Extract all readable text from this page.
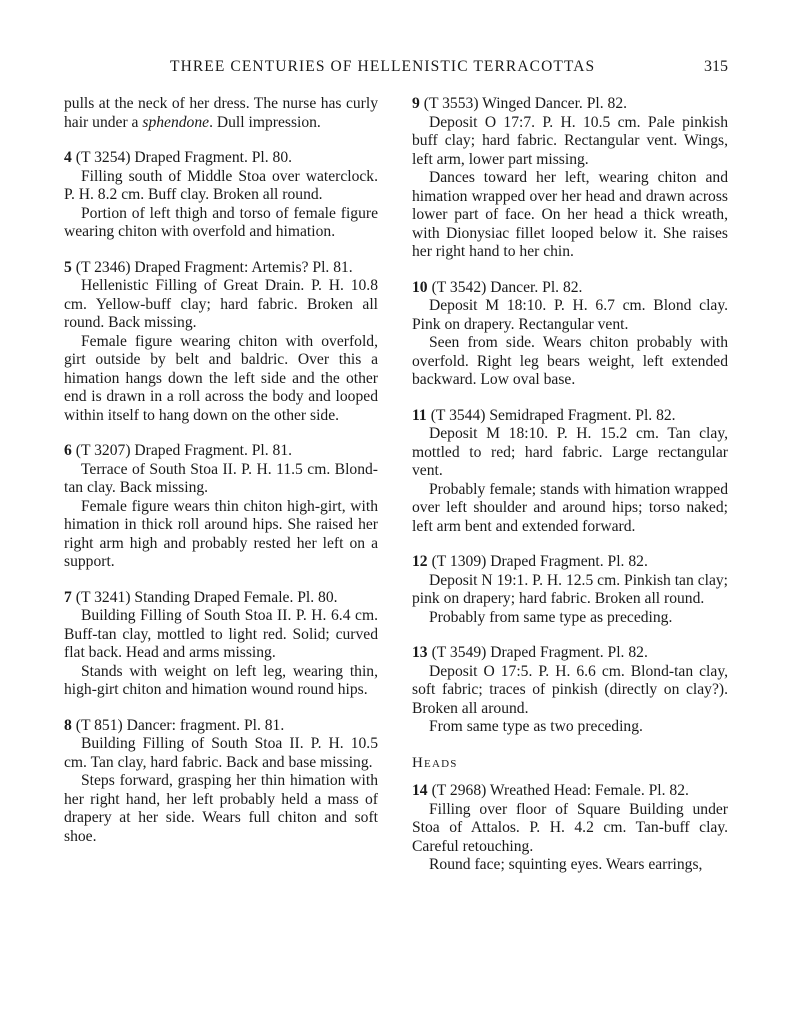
THREE CENTURIES OF HELLENISTIC TERRACOTTAS	315

pulls at the neck of her dress. The nurse has curly hair under a sphendone. Dull impression.

4 (T 3254) Draped Fragment. Pl. 80.

Filling south of Middle Stoa over waterclock. P. H. 8.2 cm. Buff clay. Broken all round.

Portion of left thigh and torso of female figure wearing chiton with overfold and himation.

5 (T 2346) Draped Fragment: Artemis? Pl. 81.

Hellenistic Filling of Great Drain. P. H. 10.8 cm. Yellow-buff clay; hard fabric. Broken all round. Back missing.

Female figure wearing chiton with overfold, girt outside by belt and baldric. Over this a himation hangs down the left side and the other end is drawn in a roll across the body and looped within itself to hang down on the other side.

6 (T 3207) Draped Fragment. Pl. 81.

Terrace of South Stoa II. P. H. 11.5 cm. Blond-tan clay. Back missing.

Female figure wears thin chiton high-girt, with himation in thick roll around hips. She raised her right arm high and probably rested her left on a support.

7 (T 3241) Standing Draped Female. Pl. 80.

Building Filling of South Stoa II. P. H. 6.4 cm. Buff-tan clay, mottled to light red. Solid; curved flat back. Head and arms missing.

Stands with weight on left leg, wearing thin, high-girt chiton and himation wound round hips.

8 (T 851) Dancer: fragment. Pl. 81.

Building Filling of South Stoa II. P. H. 10.5 cm. Tan clay, hard fabric. Back and base missing.

Steps forward, grasping her thin himation with her right hand, her left probably held a mass of drapery at her side. Wears full chiton and soft shoe.

9 (T 3553) Winged Dancer. Pl. 82.

Deposit O 17:7. P. H. 10.5 cm. Pale pinkish buff clay; hard fabric. Rectangular vent. Wings, left arm, lower part missing.

Dances toward her left, wearing chiton and himation wrapped over her head and drawn across lower part of face. On her head a thick wreath, with Dionysiac fillet looped below it. She raises her right hand to her chin.

10 (T 3542) Dancer. Pl. 82.

Deposit M 18:10. P. H. 6.7 cm. Blond clay. Pink on drapery. Rectangular vent.

Seen from side. Wears chiton probably with overfold. Right leg bears weight, left extended backward. Low oval base.

11 (T 3544) Semidraped Fragment. Pl. 82.

Deposit M 18:10. P. H. 15.2 cm. Tan clay, mottled to red; hard fabric. Large rectangular vent.

Probably female; stands with himation wrapped over left shoulder and around hips; torso naked; left arm bent and extended forward.

12 (T 1309) Draped Fragment. Pl. 82.

Deposit N 19:1. P. H. 12.5 cm. Pinkish tan clay; pink on drapery; hard fabric. Broken all round.

Probably from same type as preceding.

13 (T 3549) Draped Fragment. Pl. 82.

Deposit O 17:5. P. H. 6.6 cm. Blond-tan clay, soft fabric; traces of pinkish (directly on clay?). Broken all around.

From same type as two preceding.

Heads

14 (T 2968) Wreathed Head: Female. Pl. 82.

Filling over floor of Square Building under Stoa of Attalos. P. H. 4.2 cm. Tan-buff clay. Careful retouching.

Round face; squinting eyes. Wears earrings,
